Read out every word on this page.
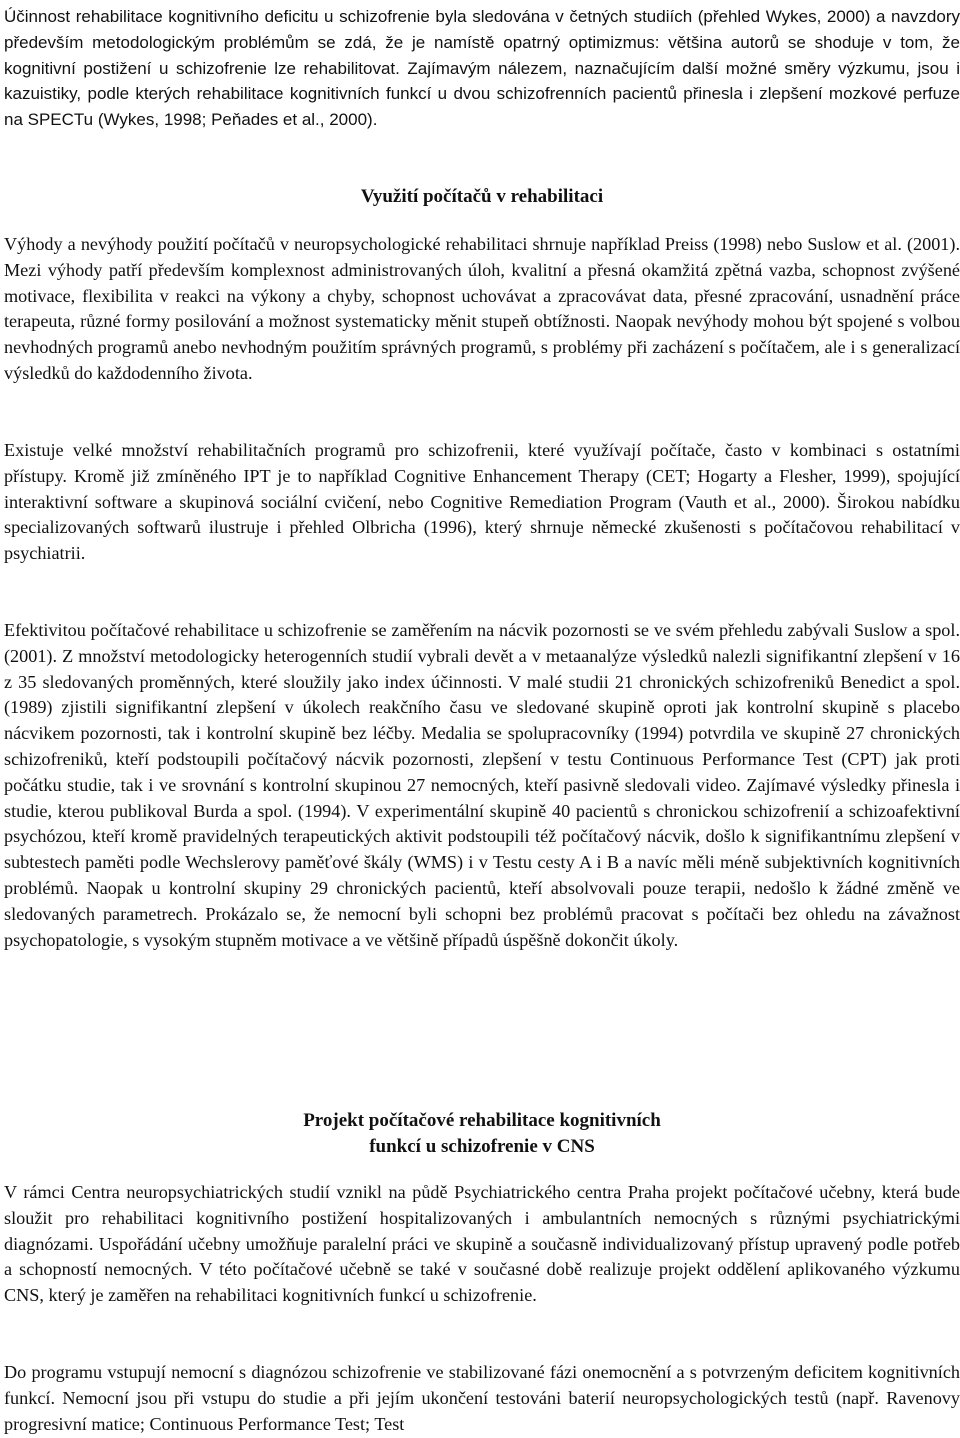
Účinnost rehabilitace kognitivního deficitu u schizofrenie byla sledována v četných studiích (přehled Wykes, 2000) a navzdory především metodologickým problémům se zdá, že je namístě opatrný optimizmus: většina autorů se shoduje v tom, že kognitivní postižení u schizofrenie lze rehabilitovat. Zajímavým nálezem, naznačujícím další možné směry výzkumu, jsou i kazuistiky, podle kterých rehabilitace kognitivních funkcí u dvou schizofrenních pacientů přinesla i zlepšení mozkové perfuze na SPECTu (Wykes, 1998; Peňades et al., 2000).

Využití počítačů v rehabilitaci

Výhody a nevýhody použití počítačů v neuropsychologické rehabilitaci shrnuje například Preiss (1998) nebo Suslow et al. (2001). Mezi výhody patří především komplexnost administrovaných úloh, kvalitní a přesná okamžitá zpětná vazba, schopnost zvýšené motivace, flexibilita v reakci na výkony a chyby, schopnost uchovávat a zpracovávat data, přesné zpracování, usnadnění práce terapeuta, různé formy posilování a možnost systematicky měnit stupeň obtížnosti. Naopak nevýhody mohou být spojené s volbou nevhodných programů anebo nevhodným použitím správných programů, s problémy při zacházení s počítačem, ale i s generalizací výsledků do každodenního života.

Existuje velké množství rehabilitačních programů pro schizofrenii, které využívají počítače, často v kombinaci s ostatními přístupy. Kromě již zmíněného IPT je to například Cognitive Enhancement Therapy (CET; Hogarty a Flesher, 1999), spojující interaktivní software a skupinová sociální cvičení, nebo Cognitive Remediation Program (Vauth et al., 2000). Širokou nabídku specializovaných softwarů ilustruje i přehled Olbricha (1996), který shrnuje německé zkušenosti s počítačovou rehabilitací v psychiatrii.

Efektivitou počítačové rehabilitace u schizofrenie se zaměřením na nácvik pozornosti se ve svém přehledu zabývali Suslow a spol. (2001). Z množství metodologicky heterogenních studií vybrali devět a v metaanalýze výsledků nalezli signifikantní zlepšení v 16 z 35 sledovaných proměnných, které sloužily jako index účinnosti. V malé studii 21 chronických schizofreniků Benedict a spol. (1989) zjistili signifikantní zlepšení v úkolech reakčního času ve sledované skupině oproti jak kontrolní skupině s placebo nácvikem pozornosti, tak i kontrolní skupině bez léčby. Medalia se spolupracovníky (1994) potvrdila ve skupině 27 chronických schizofreniků, kteří podstoupili počítačový nácvik pozornosti, zlepšení v testu Continuous Performance Test (CPT) jak proti počátku studie, tak i ve srovnání s kontrolní skupinou 27 nemocných, kteří pasivně sledovali video. Zajímavé výsledky přinesla i studie, kterou publikoval Burda a spol. (1994). V experimentální skupině 40 pacientů s chronickou schizofrenií a schizoafektivní psychózou, kteří kromě pravidelných terapeutických aktivit podstoupili též počítačový nácvik, došlo k signifikantnímu zlepšení v subtestech paměti podle Wechslerovy paměťové škály (WMS) i v Testu cesty A i B a navíc měli méně subjektivních kognitivních problémů. Naopak u kontrolní skupiny 29 chronických pacientů, kteří absolvovali pouze terapii, nedošlo k žádné změně ve sledovaných parametrech. Prokázalo se, že nemocní byli schopni bez problémů pracovat s počítači bez ohledu na závažnost psychopatologie, s vysokým stupněm motivace a ve většině případů úspěšně dokončit úkoly.

Projekt počítačové rehabilitace kognitivních
funkcí u schizofrenie v CNS

V rámci Centra neuropsychiatrických studií vznikl na půdě Psychiatrického centra Praha projekt počítačové učebny, která bude sloužit pro rehabilitaci kognitivního postižení hospitalizovaných i ambulantních nemocných s různými psychiatrickými diagnózami. Uspořádání učebny umožňuje paralelní práci ve skupině a současně individualizovaný přístup upravený podle potřeb a schopností nemocných. V této počítačové učebně se také v současné době realizuje projekt oddělení aplikovaného výzkumu CNS, který je zaměřen na rehabilitaci kognitivních funkcí u schizofrenie.

Do programu vstupují nemocní s diagnózou schizofrenie ve stabilizované fázi onemocnění a s potvrzeným deficitem kognitivních funkcí. Nemocní jsou při vstupu do studie a při jejím ukončení testováni baterií neuropsychologických testů (např. Ravenovy progresivní matice; Continuous Performance Test; Test
